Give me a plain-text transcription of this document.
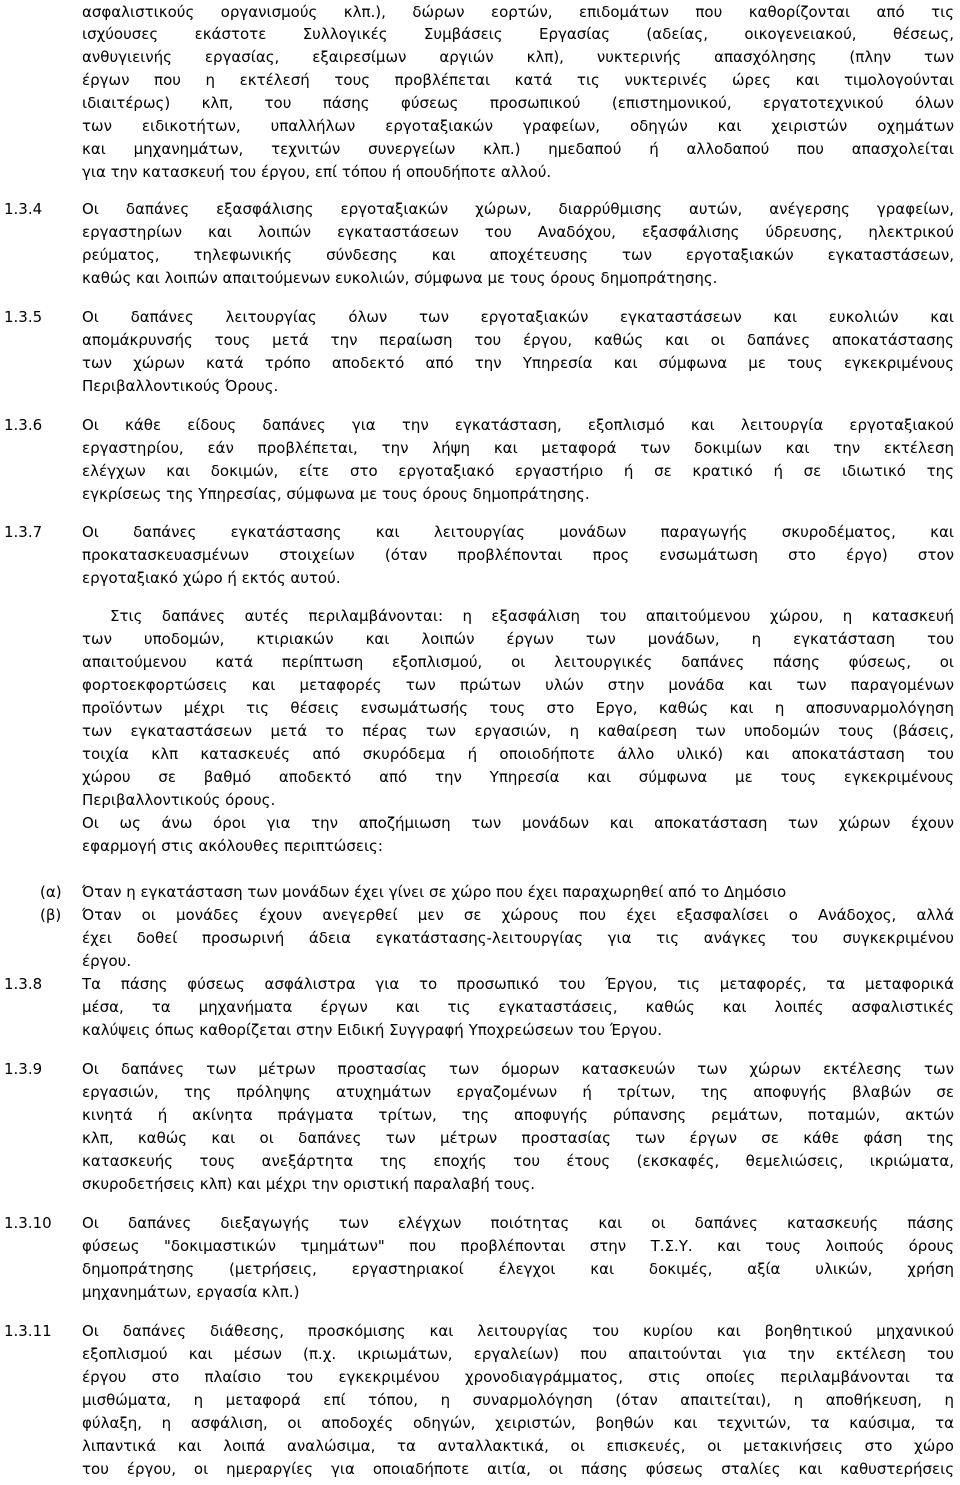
ασφαλιστικούς οργανισμούς κλπ.), δώρων εορτών, επιδομάτων που καθορίζονται από τις
ισχύουσες εκάστοτε Συλλογικές Συμβάσεις Εργασίας (αδείας, οικογενειακού, θέσεως,
ανθυγιεινής εργασίας, εξαιρεσίμων αργιών κλπ), νυκτερινής απασχόλησης (πλην των
έργων που η εκτέλεσή τους προβλέπεται κατά τις νυκτερινές ώρες και τιμολογούνται
ιδιαιτέρως) κλπ, του πάσης φύσεως προσωπικού (επιστημονικού, εργατοτεχνικού όλων
των ειδικοτήτων, υπαλλήλων εργοταξιακών γραφείων, οδηγών και χειριστών οχημάτων
και μηχανημάτων, τεχνιτών συνεργείων κλπ.) ημεδαπού ή αλλοδαπού που απασχολείται
για την κατασκευή του έργου, επί τόπου ή οπουδήποτε αλλού.
1.3.4	Οι δαπάνες εξασφάλισης εργοταξιακών χώρων, διαρρύθμισης αυτών, ανέγερσης γραφείων,
εργαστηρίων και λοιπών εγκαταστάσεων του Αναδόχου, εξασφάλισης ύδρευσης, ηλεκτρικού
ρεύματος, τηλεφωνικής σύνδεσης και αποχέτευσης των εργοταξιακών εγκαταστάσεων,
καθώς και λοιπών απαιτούμενων ευκολιών, σύμφωνα με τους όρους δημοπράτησης.
1.3.5	Οι δαπάνες λειτουργίας όλων των εργοταξιακών εγκαταστάσεων και ευκολιών και
απομάκρυνσής τους μετά την περαίωση του έργου, καθώς και οι δαπάνες αποκατάστασης
των χώρων κατά τρόπο αποδεκτό από την Υπηρεσία και σύμφωνα με τους εγκεκριμένους
Περιβαλλοντικούς Όρους.
1.3.6	Οι κάθε είδους δαπάνες για την εγκατάσταση, εξοπλισμό και λειτουργία εργοταξιακού
εργαστηρίου, εάν προβλέπεται, την λήψη και μεταφορά των δοκιμίων και την εκτέλεση
ελέγχων και δοκιμών, είτε στο εργοταξιακό εργαστήριο ή σε κρατικό ή σε ιδιωτικό της
εγκρίσεως της Υπηρεσίας, σύμφωνα με τους όρους δημοπράτησης.
1.3.7	Οι δαπάνες εγκατάστασης και λειτουργίας μονάδων παραγωγής σκυροδέματος, και
προκατασκευασμένων στοιχείων (όταν προβλέπονται προς ενσωμάτωση στο έργο) στον
εργοταξιακό χώρο ή εκτός αυτού.
Στις δαπάνες αυτές περιλαμβάνονται: η εξασφάλιση του απαιτούμενου χώρου, η κατασκευή
των υποδομών, κτιριακών και λοιπών έργων των μονάδων, η εγκατάσταση του
απαιτούμενου κατά περίπτωση εξοπλισμού, οι λειτουργικές δαπάνες πάσης φύσεως, οι
φορτοεκφορτώσεις και μεταφορές των πρώτων υλών στην μονάδα και των παραγομένων
προϊόντων μέχρι τις θέσεις ενσωμάτωσής τους στο Εργο, καθώς και η αποσυναρμολόγηση
των εγκαταστάσεων μετά το πέρας των εργασιών, η καθαίρεση των υποδομών τους (βάσεις,
τοιχία κλπ κατασκευές από σκυρόδεμα ή οποιοδήποτε άλλο υλικό) και αποκατάσταση του
χώρου σε βαθμό αποδεκτό από την Υπηρεσία και σύμφωνα με τους εγκεκριμένους
Περιβαλλοντικούς όρους.
Οι ως άνω όροι για την αποζήμιωση των μονάδων και αποκατάσταση των χώρων έχουν
εφαρμογή στις ακόλουθες περιπτώσεις:
(α) Όταν η εγκατάσταση των μονάδων έχει γίνει σε χώρο που έχει παραχωρηθεί από το Δημόσιο
(β) Όταν οι μονάδες έχουν ανεγερθεί μεν σε χώρους που έχει εξασφαλίσει ο Ανάδοχος, αλλά
έχει δοθεί προσωρινή άδεια εγκατάστασης-λειτουργίας για τις ανάγκες του συγκεκριμένου
έργου.
1.3.8	Τα πάσης φύσεως ασφάλιστρα για το προσωπικό του Έργου, τις μεταφορές, τα μεταφορικά
μέσα, τα μηχανήματα έργων και τις εγκαταστάσεις, καθώς και λοιπές ασφαλιστικές
καλύψεις όπως καθορίζεται στην Ειδική Συγγραφή Υποχρεώσεων του Έργου.
1.3.9	Οι δαπάνες των μέτρων προστασίας των όμορων κατασκευών των χώρων εκτέλεσης των
εργασιών, της πρόληψης ατυχημάτων εργαζομένων ή τρίτων, της αποφυγής βλαβών σε
κινητά ή ακίνητα πράγματα τρίτων, της αποφυγής ρύπανσης ρεμάτων, ποταμών, ακτών
κλπ, καθώς και οι δαπάνες των μέτρων προστασίας των έργων σε κάθε φάση της
κατασκευής τους ανεξάρτητα της εποχής του έτους (εκσκαφές, θεμελιώσεις, ικριώματα,
σκυροδετήσεις κλπ) και μέχρι την οριστική παραλαβή τους.
1.3.10 Οι δαπάνες διεξαγωγής των ελέγχων ποιότητας και οι δαπάνες κατασκευής πάσης
φύσεως "δοκιμαστικών τμημάτων" που προβλέπονται στην Τ.Σ.Υ. και τους λοιπούς όρους
δημοπράτησης (μετρήσεις, εργαστηριακοί έλεγχοι και δοκιμές, αξία υλικών, χρήση
μηχανημάτων, εργασία κλπ.)
1.3.11 Οι δαπάνες διάθεσης, προσκόμισης και λειτουργίας του κυρίου και βοηθητικού μηχανικού
εξοπλισμού και μέσων (π.χ. ικριωμάτων, εργαλείων) που απαιτούνται για την εκτέλεση του
έργου στο πλαίσιο του εγκεκριμένου χρονοδιαγράμματος, στις οποίες περιλαμβάνονται τα
μισθώματα, η μεταφορά επί τόπου, η συναρμολόγηση (όταν απαιτείται), η αποθήκευση, η
φύλαξη, η ασφάλιση, οι αποδοχές οδηγών, χειριστών, βοηθών και τεχνιτών, τα καύσιμα, τα
λιπαντικά και λοιπά αναλώσιμα, τα ανταλλακτικά, οι επισκευές, οι μετακινήσεις στο χώρο
του έργου, οι ημεραργίες για οποιαδήποτε αιτία, οι πάσης φύσεως σταλίες και καθυστερήσεις
